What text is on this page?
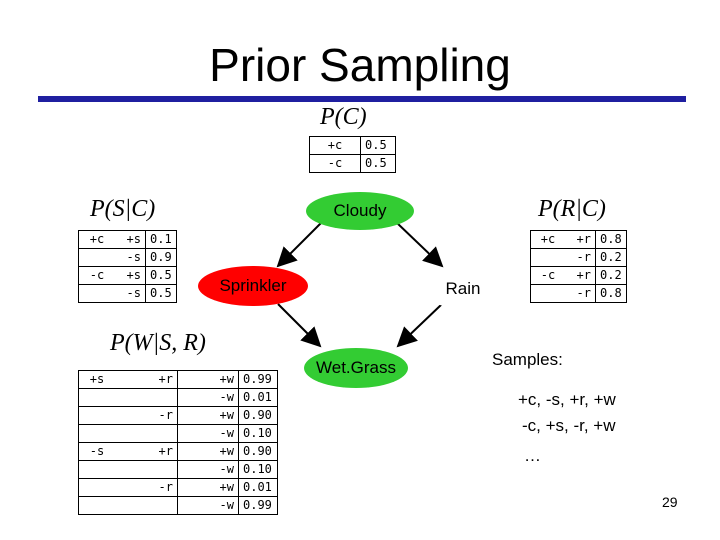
Prior Sampling
Cloudy
Sprinkler	Rain
Wet.Grass
P(C)
+c	0.5
-c	0.5
P(S|C)
+c	+s	0.1
	-s	0.9
-c	+s	0.5
	-s	0.5
P(R|C)
+c	+r	0.8
	-r	0.2
-c	+r	0.2
	-r	0.8
P(W|S, R)
+s	+r	+w	0.99
		-w	0.01
	-r	+w	0.90
		-w	0.10
-s	+r	+w	0.90
		-w	0.10
	-r	+w	0.01
		-w	0.99
Samples:
+c, -s, +r, +w
-c, +s, -r, +w
…
29
